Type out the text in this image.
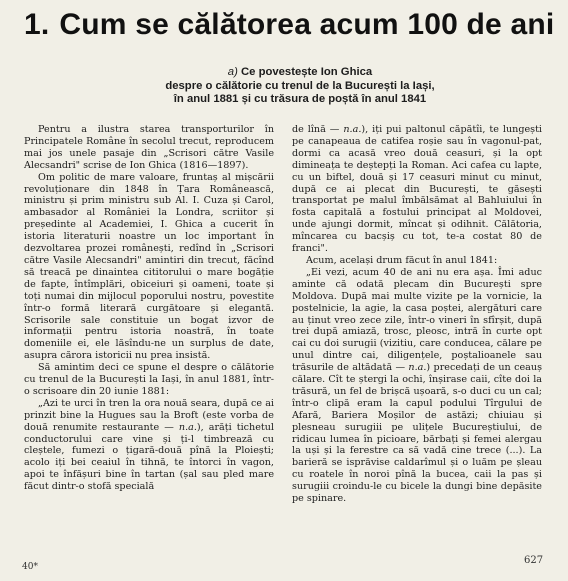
1. Cum se călătorea acum 100 de ani
a) Ce povestește Ion Ghica
despre o călătorie cu trenul de la București la Iași,
în anul 1881 și cu trăsura de poștă în anul 1841

Pentru a ilustra starea transporturilor în Principatele Române în secolul trecut, reproducem mai jos unele pasaje din „Scrisori către Vasile Alecsandri" scrise de Ion Ghica (1816—1897).

Om politic de mare valoare, fruntaș al mișcării revoluționare din 1848 în Țara Românească, ministru și prim ministru sub Al. I. Cuza și Carol, ambasador al României la Londra, scriitor și președinte al Academiei, I. Ghica a cucerit în istoria literaturii noastre un loc important în dezvoltarea prozei românești, redînd în „Scrisori către Vasile Alecsandri" amintiri din trecut, făcînd să treacă pe dinaintea cititorului o mare bogăție de fapte, întîmplări, obiceiuri și oameni, toate și toți numai din mijlocul poporului nostru, povestite într-o formă literară curgătoare și elegantă. Scrisorile sale constituie un bogat izvor de informații pentru istoria noastră, în toate domeniile ei, ele lăsîndu-ne un surplus de date, asupra cărora istoricii nu prea insistă.

Să amintim deci ce spune el despre o călătorie cu trenul de la București la Iași, în anul 1881, într-o scrisoare din 20 iunie 1881:

„Azi te urci în tren la ora nouă seara, după ce ai prinzit bine la Hugues sau la Broft (este vorba de două renumite restaurante — n.a.), arăți tichetul conductorului care vine și ți-l timbrează cu cleștele, fumezi o țigară-două pînă la Ploiești; acolo iți bei ceaiul în tihnă, te întorci în vagon, apoi te înfășuri bine în tartan (șal sau pled mare făcut dintr-o stofă specială

de lînă — n.a.), iți pui paltonul căpătîi, te lungești pe canapeaua de catifea roșie sau în vagonul-pat, dormi ca acasă vreo două ceasuri, și la opt dimineața te deștepți la Roman. Aci cafea cu lapte, cu un biftel, două și 17 ceasuri minut cu minut, după ce ai plecat din București, te găsești transportat pe malul îmbălsămat al Bahluiului în fosta capitală a fostului principat al Moldovei, unde ajungi dormit, mîncat și odihnit. Călătoria, mîncarea cu bacșiș cu tot, te-a costat 80 de franci".

Acum, același drum făcut în anul 1841:

„Ei vezi, acum 40 de ani nu era așa. Îmi aduc aminte că odată plecam din București spre Moldova. După mai multe vizite pe la vornicie, la postelnicie, la agie, la casa poștei, alergături care au ținut vreo zece zile, într-o vineri în sfîrșit, după trei după amiază, trosc, pleosc, intră în curte opt cai cu doi surugii (vizitiu, care conducea, călare pe unul dintre cai, diligențele, poștalioanele sau trăsurile de altădată — n.a.) precedați de un ceauș călare. Cît te ștergi la ochi, înșirase caii, cîte doi la trăsură, un fel de brișcă ușoară, s-o duci cu un cal; într-o clipă eram la capul podului Tîrgului de Afară, Bariera Moșilor de astăzi; chiuiau și plesneau surugiii pe ulițele Bucureștiului, de ridicau lumea în picioare, bărbați și femei alergau la uși și la ferestre ca să vadă cine trece (...). La barieră se isprăvise caldarîmul și o luăm pe șleau cu roatele în noroi pînă la bucea, caii la pas și surugiii croindu-le cu bicele la dungi bine depăsite pe spinare.

40*
627
